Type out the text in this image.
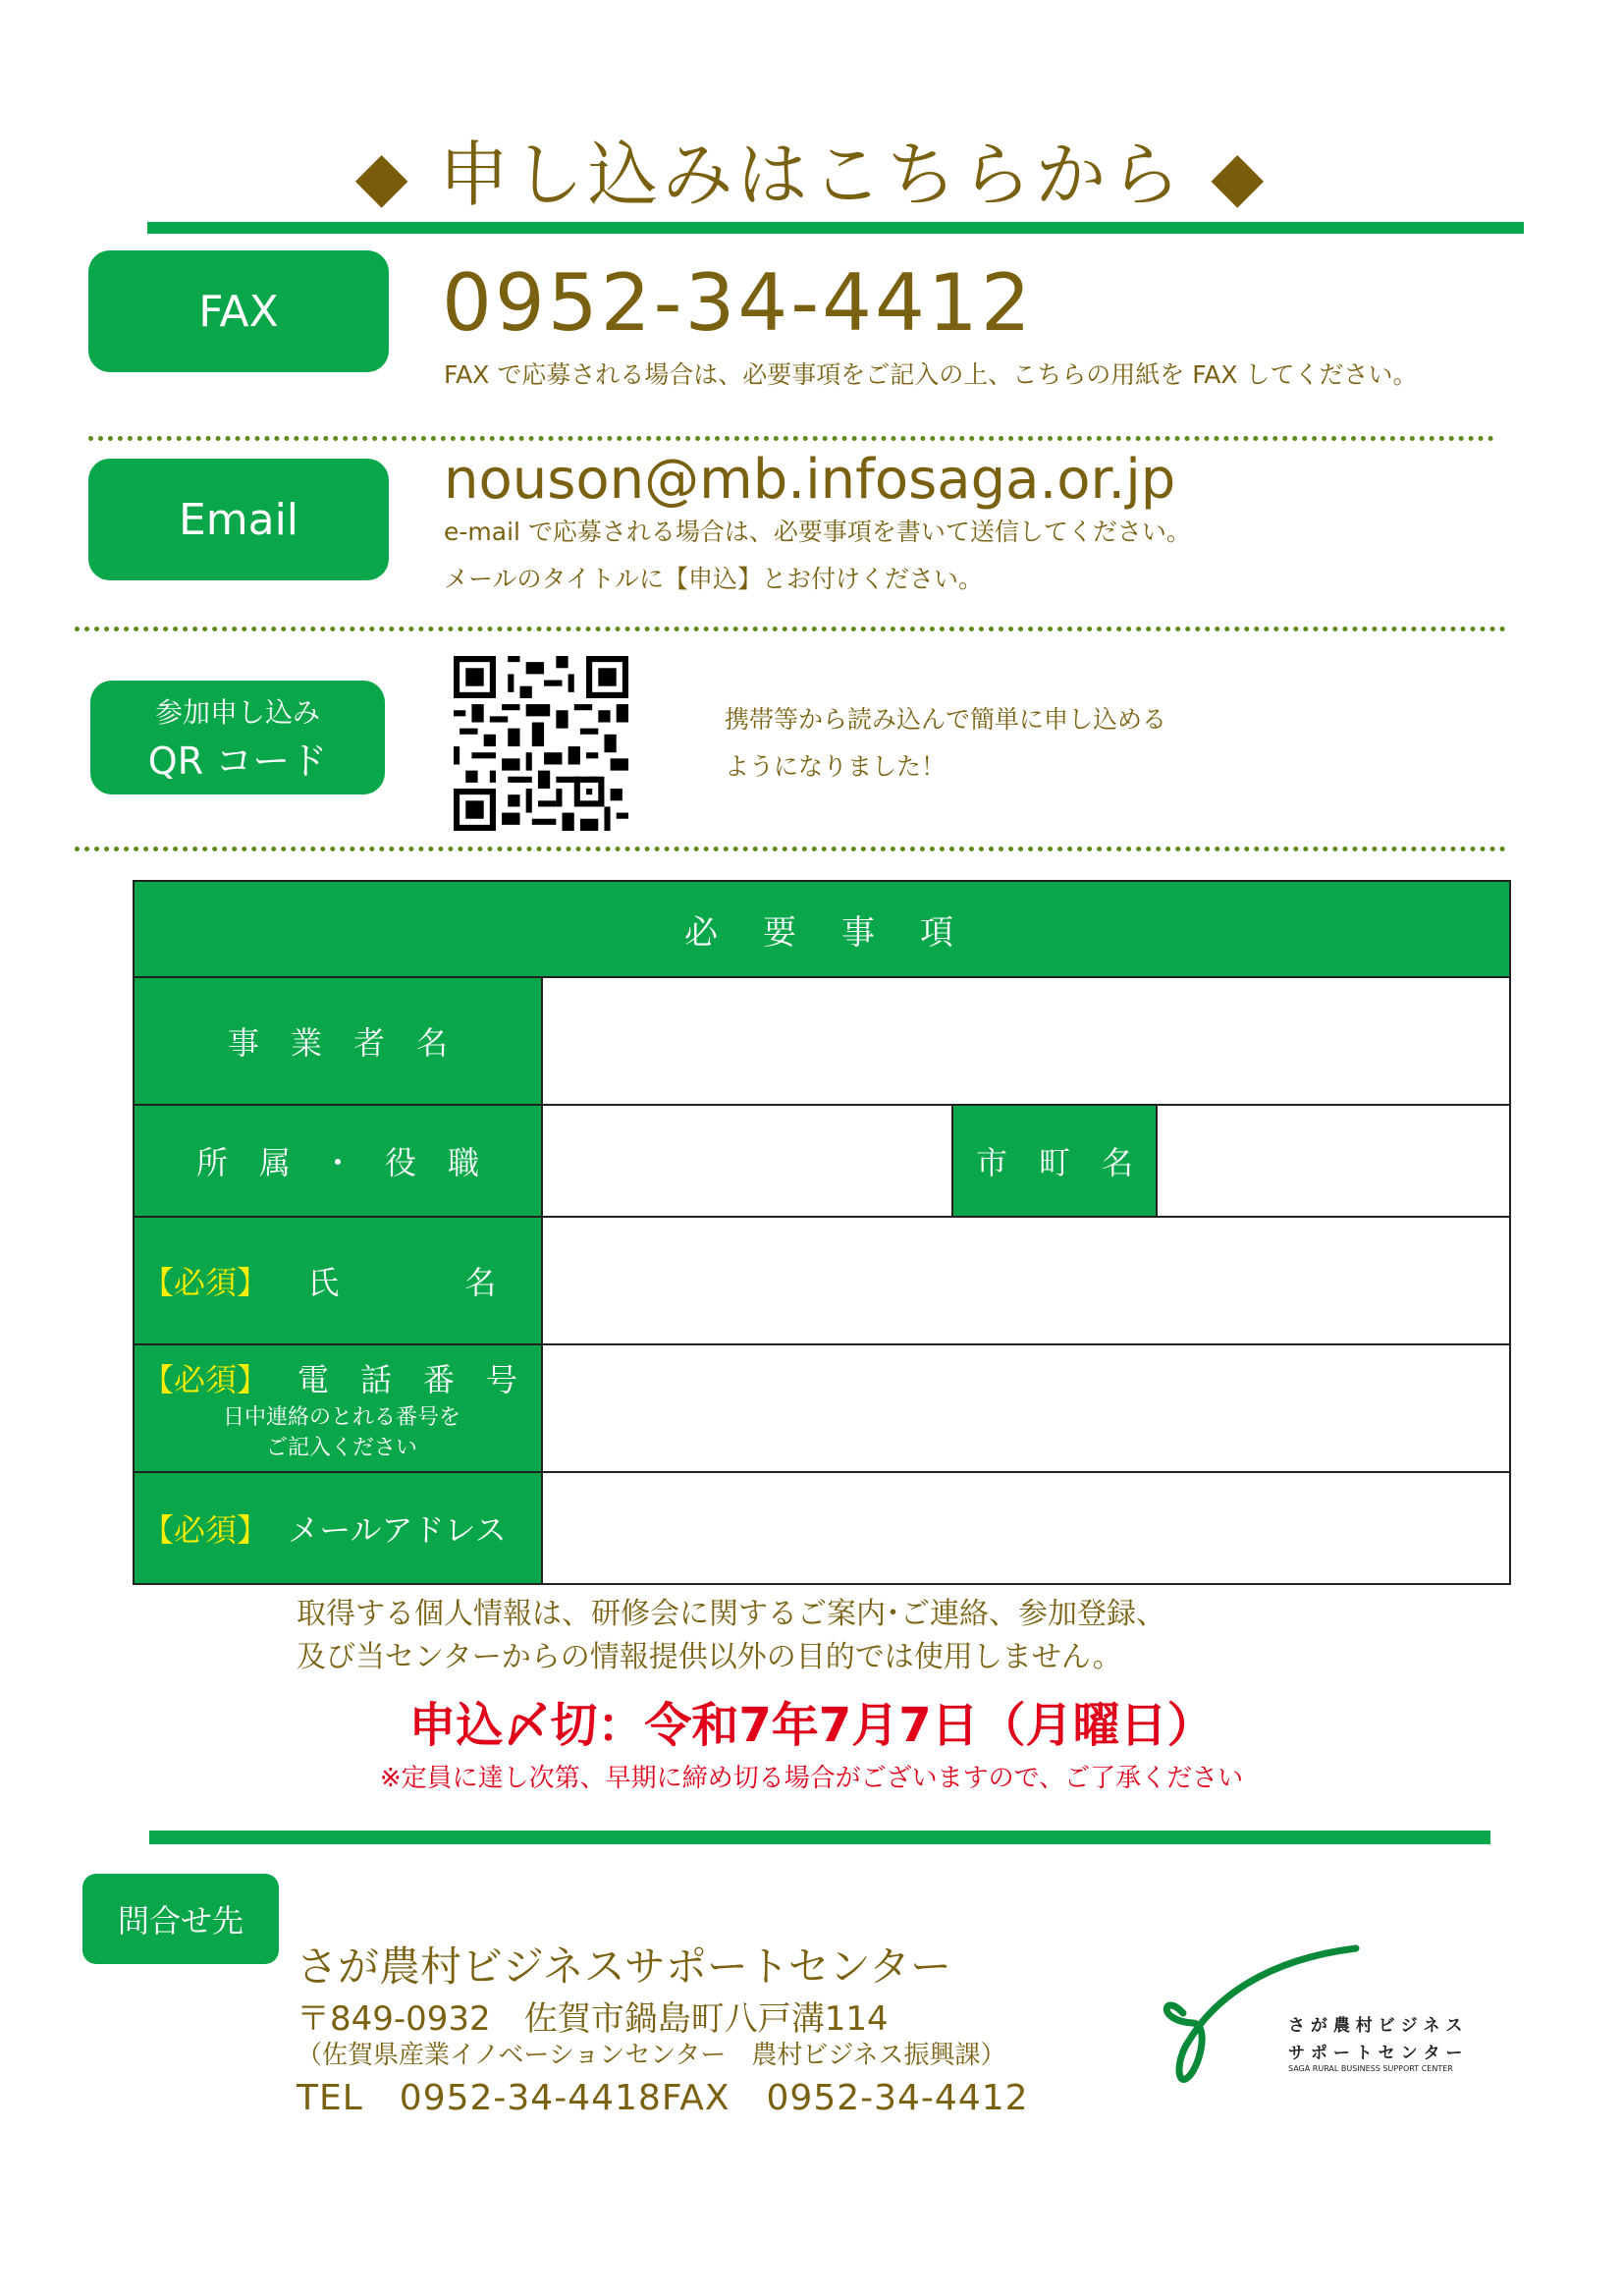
◆ 申し込みはこちらから ◆
FAX 0952-34-4412
FAX で応募される場合は、必要事項をご記入の上、こちらの用紙を FAX してください。
Email
nouson@mb.infosaga.or.jp
e-mail で応募される場合は、必要事項を書いて送信してください。
メールのタイトルに【申込】とお付けください。
参加申し込み
QR コード
携帯等から読み込んで簡単に申し込める
ようになりました！
必　要　事　項			
事　業　者　名			
所　属　・　役　職		市　町　名	
【必須】 氏　　　　名			

【必須】 電　話　番　号
日中連絡のとれる番号を
ご記入ください			

【必須】 メールアドレス			
取得する個人情報は、研修会に関するご案内･ご連絡、参加登録、
及び当センターからの情報提供以外の目的では使用しません。
申込〆切：令和7年7月7日（月曜日）
※定員に達し次第、早期に締め切る場合がございますので、ご了承ください
問合せ先
さが農村ビジネスサポートセンター
〒849-0932　佐賀市鍋島町八戸溝114
（佐賀県産業イノベーションセンター　農村ビジネス振興課）
TEL　0952-34-4418FAX　0952-34-4412
さ が 農 村 ビ ジ ネ ス
サ ポ ー ト セ ン タ ー
SAGA RURAL BUSINESS SUPPORT CENTER
